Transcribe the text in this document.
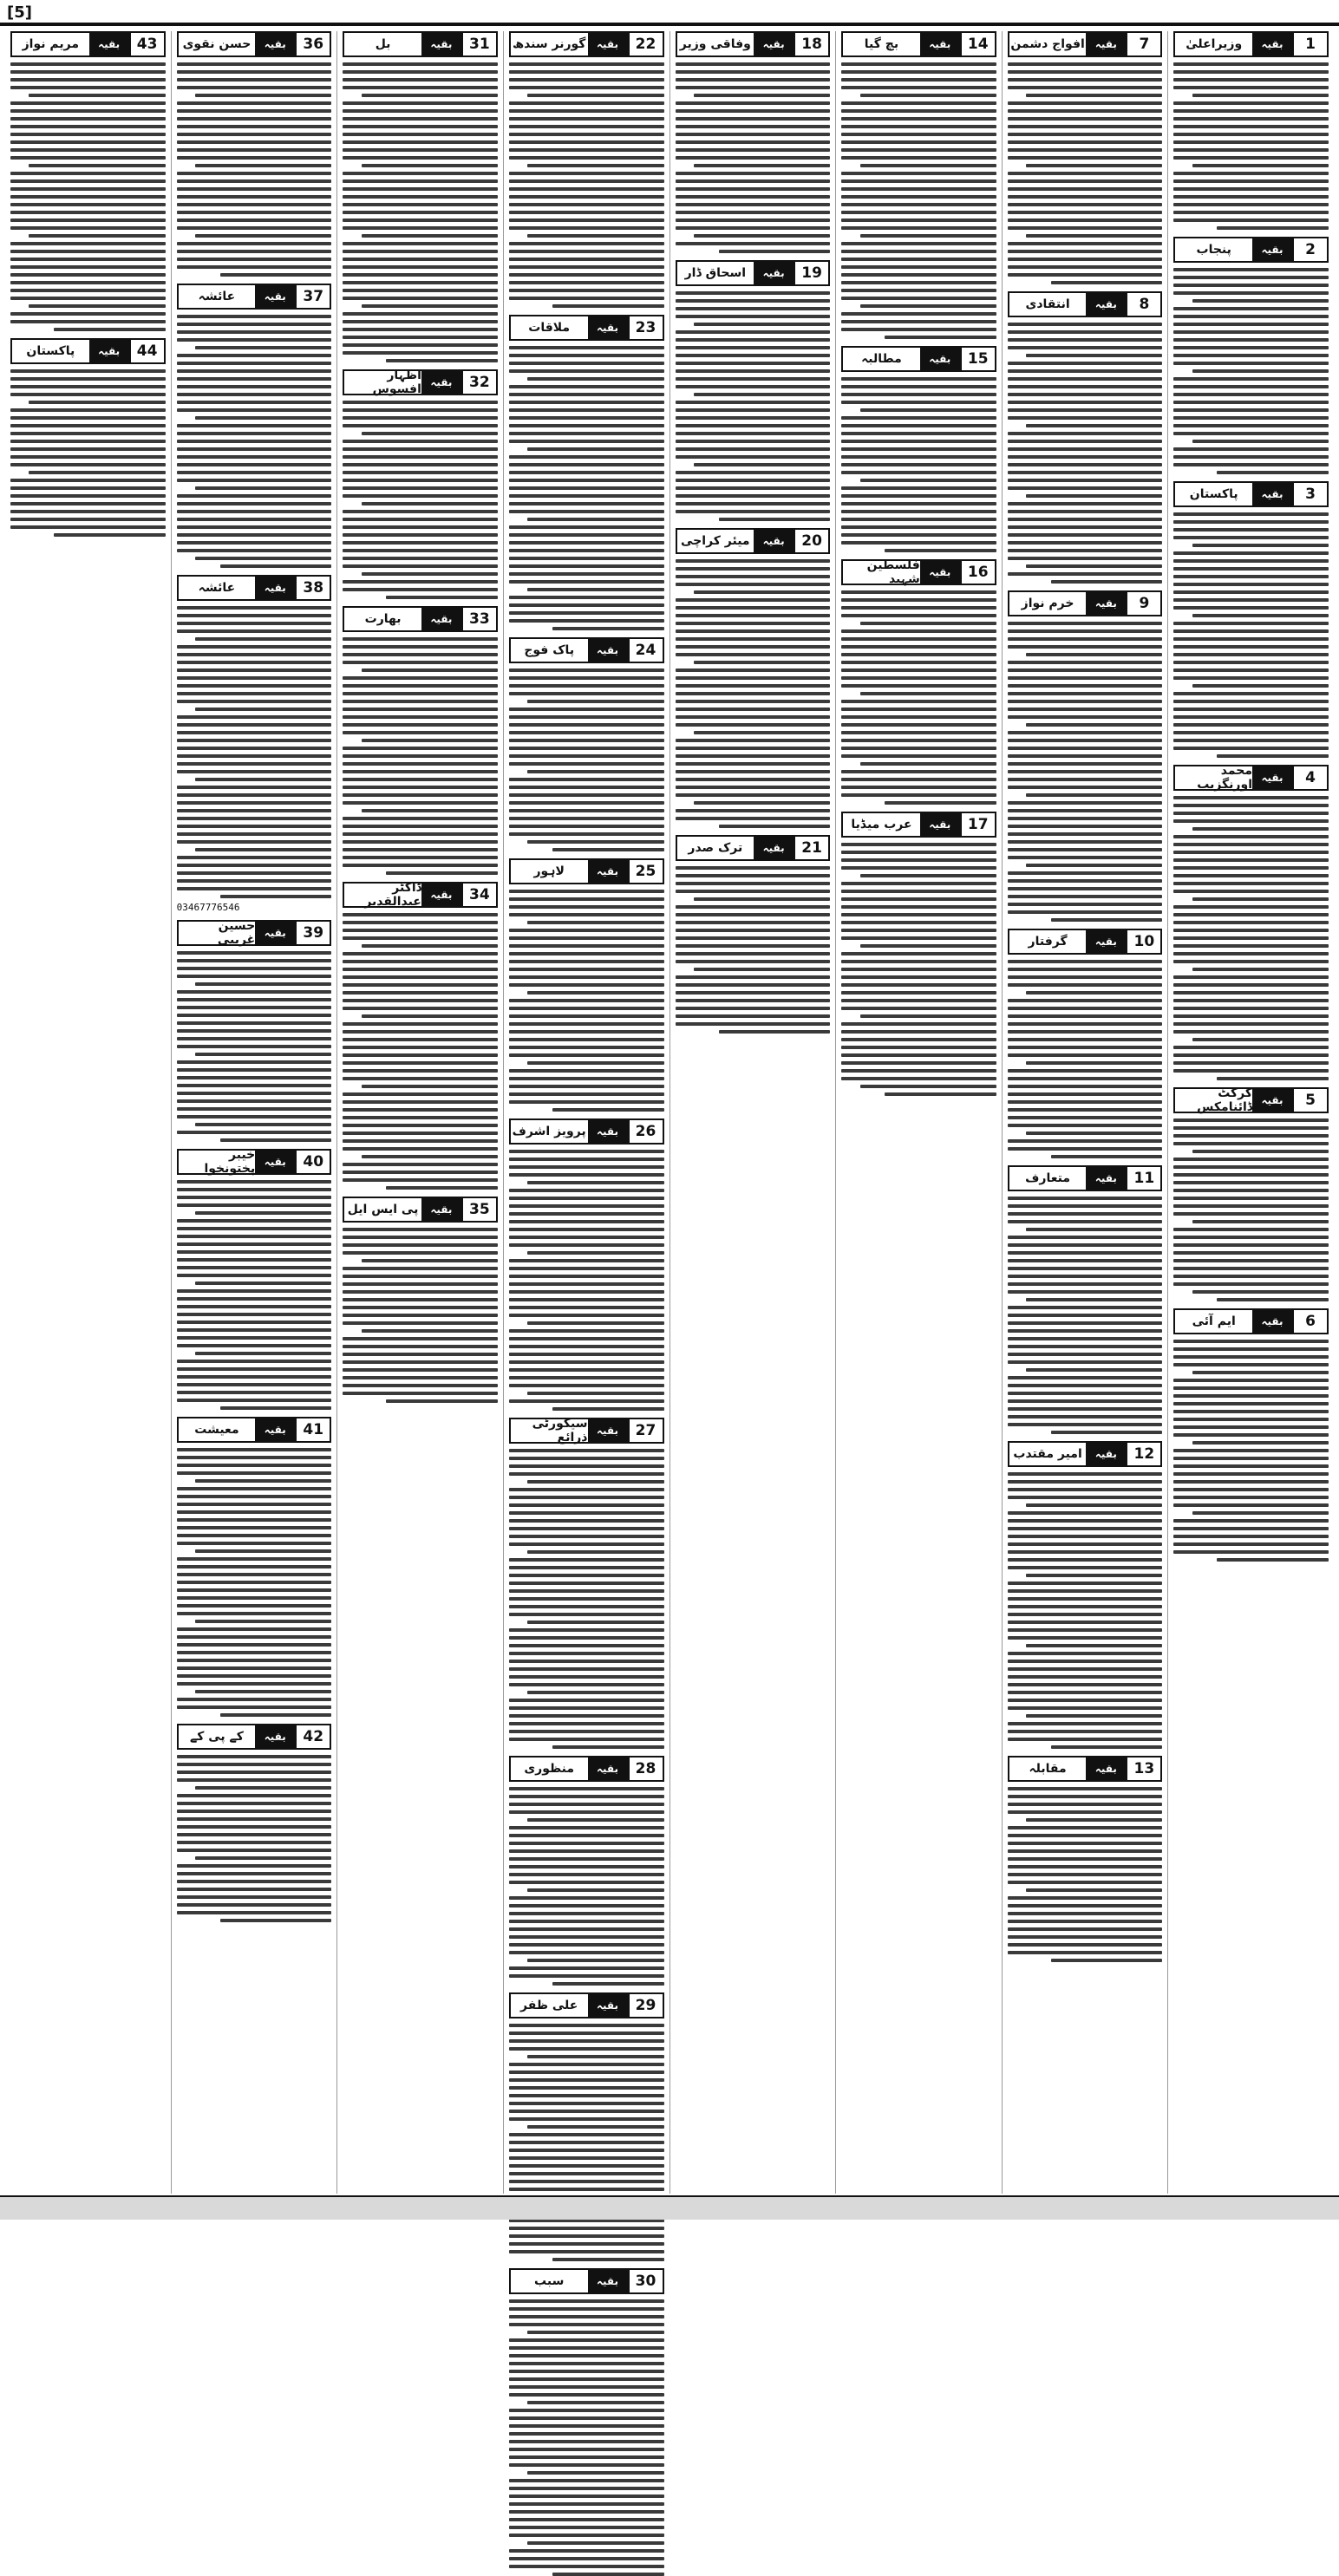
[5]
1
بقیہ
وزیراعلیٰ
2
بقیہ
پنجاب
3
بقیہ
پاکستان
4
بقیہ
محمد اورنگزیب
5
بقیہ
کرکٹ ڈائنامکس
6
بقیہ
ایم آئی
7
بقیہ
افواج دشمن
8
بقیہ
انتقادی
9
بقیہ
خرم نواز
10
بقیہ
گرفتار
11
بقیہ
متعارف
12
بقیہ
امیر مقتدب
13
بقیہ
مقابلہ
14
بقیہ
بچ گیا
15
بقیہ
مطالبہ
16
بقیہ
فلسطین شہید
17
بقیہ
عرب میڈیا
18
بقیہ
وفاقی وزیر
19
بقیہ
اسحاق ڈار
20
بقیہ
میئر کراچی
21
بقیہ
ترک صدر
22
بقیہ
گورنر سندھ
23
بقیہ
ملاقات
24
بقیہ
پاک فوج
25
بقیہ
لاہور
26
بقیہ
پرویز اشرف
27
بقیہ
سیکورٹی ذرائع
28
بقیہ
منظوری
29
بقیہ
علی ظفر
30
بقیہ
سبب
31
بقیہ
بل
32
بقیہ
اظہار افسوس
33
بقیہ
بھارت
34
بقیہ
ڈاکٹر عبدالقدیر
35
بقیہ
پی ایس ایل
36
بقیہ
حسن نقوی
37
بقیہ
عائشہ
38
بقیہ
عائشہ
03467776546
39
بقیہ
حسین غریبی
40
بقیہ
خیبر پختونخوا
41
بقیہ
معیشت
42
بقیہ
کے پی کے
43
بقیہ
مریم نواز
44
بقیہ
پاکستان
